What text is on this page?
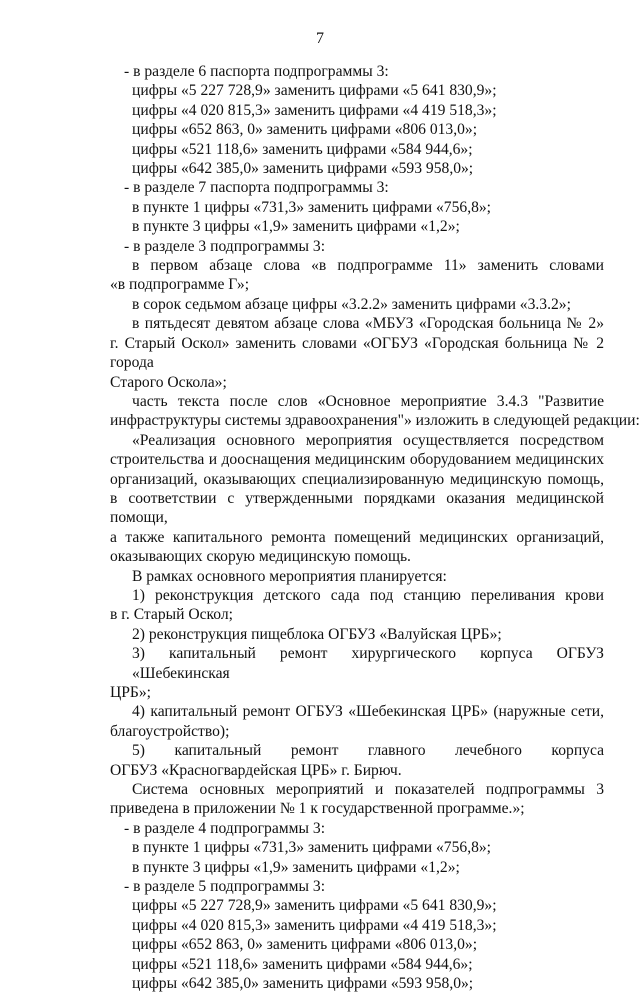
7

- в разделе 6 паспорта подпрограммы 3:

цифры «5 227 728,9» заменить цифрами «5 641 830,9»;

цифры «4 020 815,3» заменить цифрами «4 419 518,3»;

цифры «652 863, 0» заменить цифрами «806 013,0»;

цифры «521 118,6» заменить цифрами «584 944,6»;

цифры «642 385,0» заменить цифрами «593 958,0»;

- в разделе 7 паспорта подпрограммы 3:

в пункте 1 цифры «731,3» заменить цифрами «756,8»;

в пункте 3 цифры «1,9» заменить цифрами «1,2»;

- в разделе 3 подпрограммы 3:

в первом абзаце слова «в подпрограмме 11» заменить словами

«в подпрограмме Г»;

в сорок седьмом абзаце цифры «3.2.2» заменить цифрами «3.3.2»;

в пятьдесят девятом абзаце слова «МБУЗ «Городская больница № 2»

г. Старый Оскол» заменить словами «ОГБУЗ «Городская больница № 2 города

Старого Оскола»;

часть текста после слов «Основное мероприятие 3.4.3 "Развитие

инфраструктуры системы здравоохранения"» изложить в следующей редакции:

«Реализация основного мероприятия осуществляется посредством

строительства и дооснащения медицинским оборудованием медицинских

организаций, оказывающих специализированную медицинскую помощь,

в соответствии с утвержденными порядками оказания медицинской помощи,

а также капитального ремонта помещений медицинских организаций,

оказывающих скорую медицинскую помощь.

В рамках основного мероприятия планируется:

1) реконструкция детского сада под станцию переливания крови

в г. Старый Оскол;

2) реконструкция пищеблока ОГБУЗ «Валуйская ЦРБ»;

3) капитальный ремонт хирургического корпуса ОГБУЗ «Шебекинская

ЦРБ»;

4) капитальный ремонт ОГБУЗ «Шебекинская ЦРБ» (наружные сети,

благоустройство);

5) капитальный ремонт главного лечебного корпуса

ОГБУЗ «Красногвардейская ЦРБ» г. Бирюч.

Система основных мероприятий и показателей подпрограммы 3

приведена в приложении № 1 к государственной программе.»;

- в разделе 4 подпрограммы 3:

в пункте 1 цифры «731,3» заменить цифрами «756,8»;

в пункте 3 цифры «1,9» заменить цифрами «1,2»;

- в разделе 5 подпрограммы 3:

цифры «5 227 728,9» заменить цифрами «5 641 830,9»;

цифры «4 020 815,3» заменить цифрами «4 419 518,3»;

цифры «652 863, 0» заменить цифрами «806 013,0»;

цифры «521 118,6» заменить цифрами «584 944,6»;

цифры «642 385,0» заменить цифрами «593 958,0»;
